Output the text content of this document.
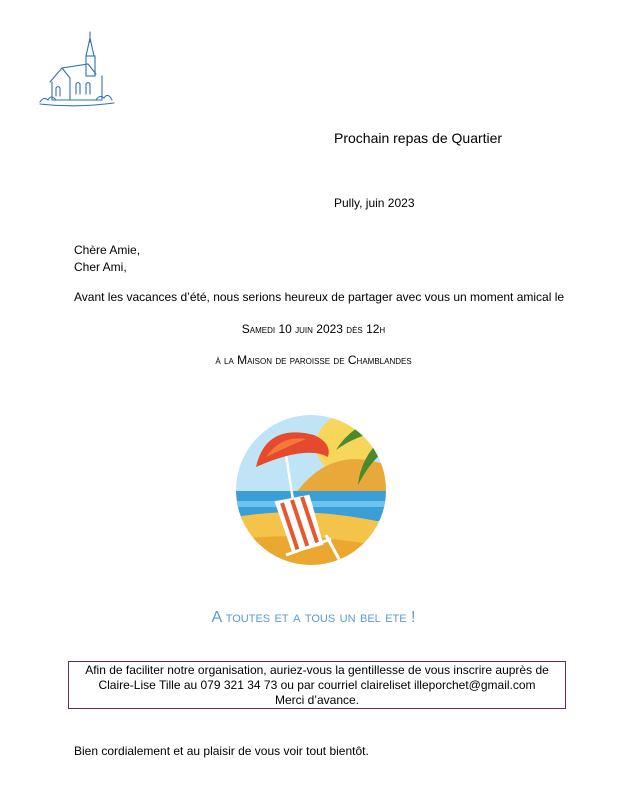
Prochain repas de Quartier
Pully, juin 2023
Chère Amie,
Cher Ami,
Avant les vacances d’été, nous serions heureux de partager avec vous un moment amical le
Samedi 10 juin 2023 dès 12h
à la Maison de paroisse de Chamblandes
A toutes et a tous un bel ete !
Afin de faciliter notre organisation, auriez-vous la gentillesse de vous inscrire auprès de
Claire-Lise Tille au 079 321 34 73 ou par courriel claireliset illeporchet@gmail.com
Merci d’avance.
Bien cordialement et au plaisir de vous voir tout bientôt.
